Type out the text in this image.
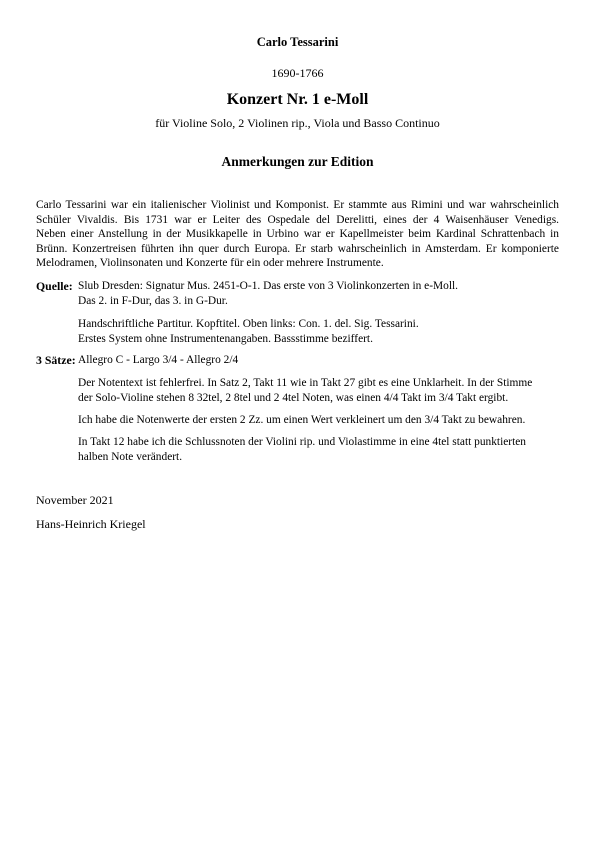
Carlo Tessarini
1690-1766
Konzert Nr. 1 e-Moll
für Violine Solo, 2 Violinen rip., Viola und Basso Continuo
Anmerkungen zur Edition
Carlo Tessarini war ein italienischer Violinist und Komponist. Er stammte aus Rimini und war wahrscheinlich
Schüler Vivaldis. Bis 1731 war er Leiter des Ospedale del Derelitti, eines der 4 Waisenhäuser Venedigs.
Neben einer Anstellung in der Musikkapelle in Urbino war er Kapellmeister beim Kardinal Schrattenbach in
Brünn. Konzertreisen führten ihn quer durch Europa. Er starb wahrscheinlich in Amsterdam. Er komponierte
Melodramen, Violinsonaten und Konzerte für ein oder mehrere Instrumente.
Quelle: Slub Dresden: Signatur Mus. 2451-O-1. Das erste von 3 Violinkonzerten in e-Moll.
Das 2. in F-Dur, das 3. in G-Dur.
Handschriftliche Partitur. Kopftitel. Oben links: Con. 1. del. Sig. Tessarini.
Erstes System ohne Instrumentenangaben. Bassstimme beziffert.
3 Sätze: Allegro C - Largo 3/4 - Allegro 2/4
Der Notentext ist fehlerfrei. In Satz 2, Takt 11 wie in Takt 27 gibt es eine Unklarheit. In der Stimme
der Solo-Violine stehen 8 32tel, 2 8tel und 2 4tel Noten, was einen 4/4 Takt im 3/4 Takt ergibt.
Ich habe die Notenwerte der ersten 2 Zz. um einen Wert verkleinert um den 3/4 Takt zu bewahren.
In Takt 12 habe ich die Schlussnoten der Violini rip. und Violastimme in eine 4tel statt punktierten
halben Note verändert.
November 2021
Hans-Heinrich Kriegel
